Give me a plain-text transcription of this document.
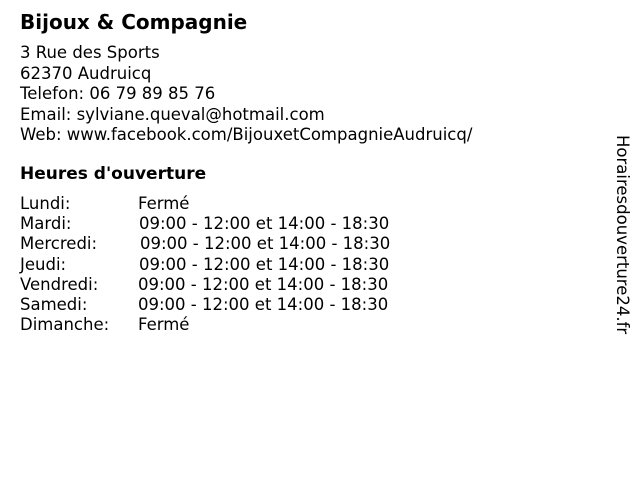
Bijoux & Compagnie
3 Rue des Sports
62370 Audruicq
Telefon: 06 79 89 85 76
Email: sylviane.queval@hotmail.com
Web: www.facebook.com/BijouxetCompagnieAudruicq/
Heures d'ouverture
Lundi:	Fermé
Mardi:	09:00 - 12:00 et 14:00 - 18:30
Mercredi:	09:00 - 12:00 et 14:00 - 18:30
Jeudi:	09:00 - 12:00 et 14:00 - 18:30
Vendredi: 09:00 - 12:00 et 14:00 - 18:30
Samedi:	09:00 - 12:00 et 14:00 - 18:30
Dimanche: Fermé	Horairesdouverture24.fr
